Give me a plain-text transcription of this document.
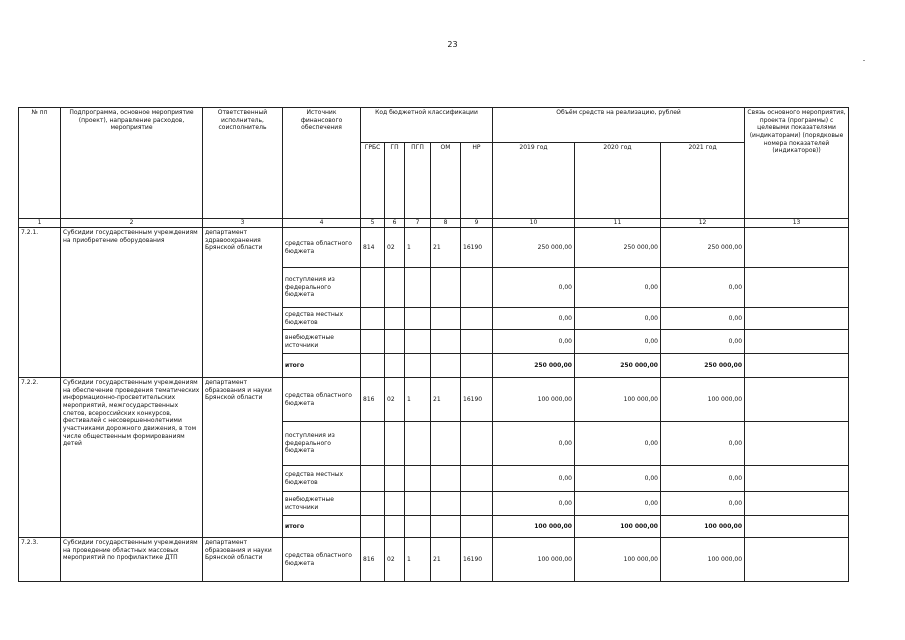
23
№ пп	Подпрограмма, основное мероприятие (проект), направление расходов, мероприятие	Ответственный исполнитель, соисполнитель	Источник финансового обеспечения	Код бюджетной классификации					Объём средств на реализацию, рублей			Связь основного мероприятия, проекта (программы) с целевыми показателями (индикаторами) (порядковые номера показателей (индикаторов))
				ГРБС	ГП	ПГП	ОМ	НР	2019 год	2020 год	2021 год	
1	2	3	4	5	6	7	8	9	10	11	12	13
7.2.1.	Субсидии государственным учреждениям на приобретение оборудования	департамент здравоохранения Брянской области	средства областного бюджета	814	02	1	21	16190	250 000,00	250 000,00	250 000,00	
			поступления из федерального бюджета						0,00	0,00	0,00	
			средства местных бюджетов						0,00	0,00	0,00	
			внебюджетные источники						0,00	0,00	0,00	
			итого						250 000,00	250 000,00	250 000,00	
7.2.2.	Субсидии государственным учреждениям на обеспечение проведения тематических информационно-просветительских мероприятий, межгосударственных слетов, всероссийских конкурсов, фестивалей с несовершеннолетними участниками дорожного движения, в том числе общественным формированиям детей	департамент образования и науки Брянской области	средства областного бюджета	816	02	1	21	16190	100 000,00	100 000,00	100 000,00	
			поступления из федерального бюджета						0,00	0,00	0,00	
			средства местных бюджетов						0,00	0,00	0,00	
			внебюджетные источники						0,00	0,00	0,00	
			итого						100 000,00	100 000,00	100 000,00	
7.2.3.	Субсидии государственным учреждениям на проведение областных массовых мероприятий по профилактике ДТП	департамент образования и науки Брянской области	средства областного бюджета	816	02	1	21	16190	100 000,00	100 000,00	100 000,00	
